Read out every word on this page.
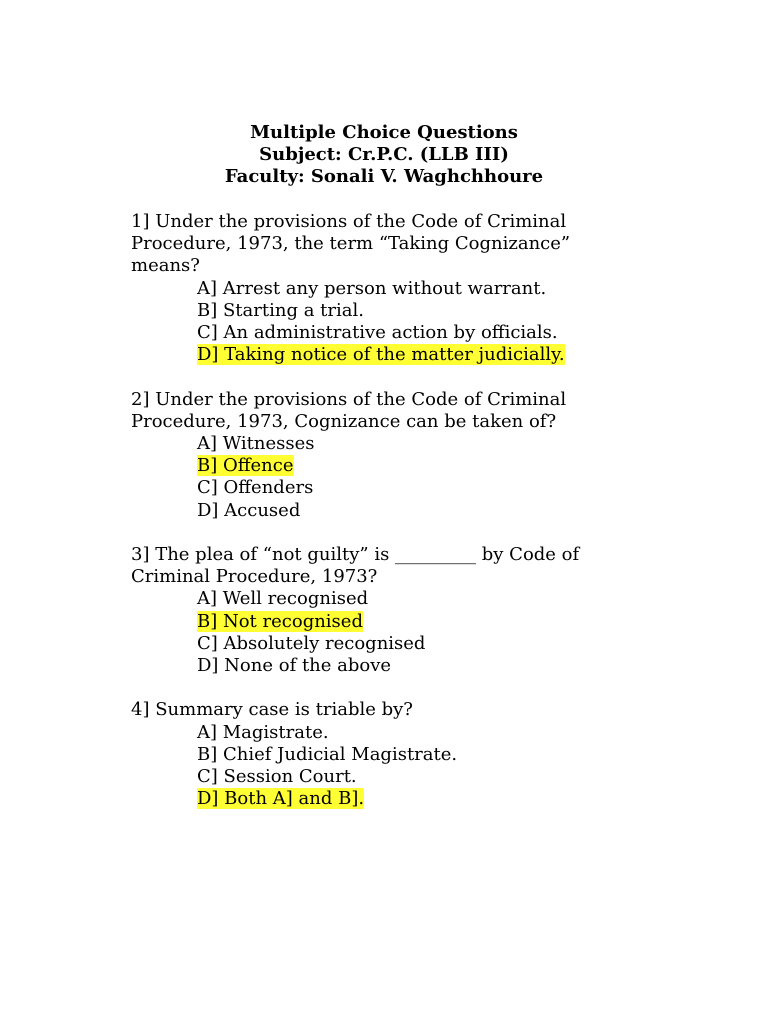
Multiple Choice Questions
Subject: Cr.P.C. (LLB III)
Faculty: Sonali V. Waghchhoure
1] Under the provisions of the Code of Criminal
Procedure, 1973, the term “Taking Cognizance”
means?
A] Arrest any person without warrant.
B] Starting a trial.
C] An administrative action by officials.
D] Taking notice of the matter judicially.
2] Under the provisions of the Code of Criminal
Procedure, 1973, Cognizance can be taken of?
A] Witnesses
B] Offence
C] Offenders
D] Accused
3] The plea of “not guilty” is _________ by Code of
Criminal Procedure, 1973?
A] Well recognised
B] Not recognised
C] Absolutely recognised
D] None of the above
4] Summary case is triable by?
A] Magistrate.
B] Chief Judicial Magistrate.
C] Session Court.
D] Both A] and B].
